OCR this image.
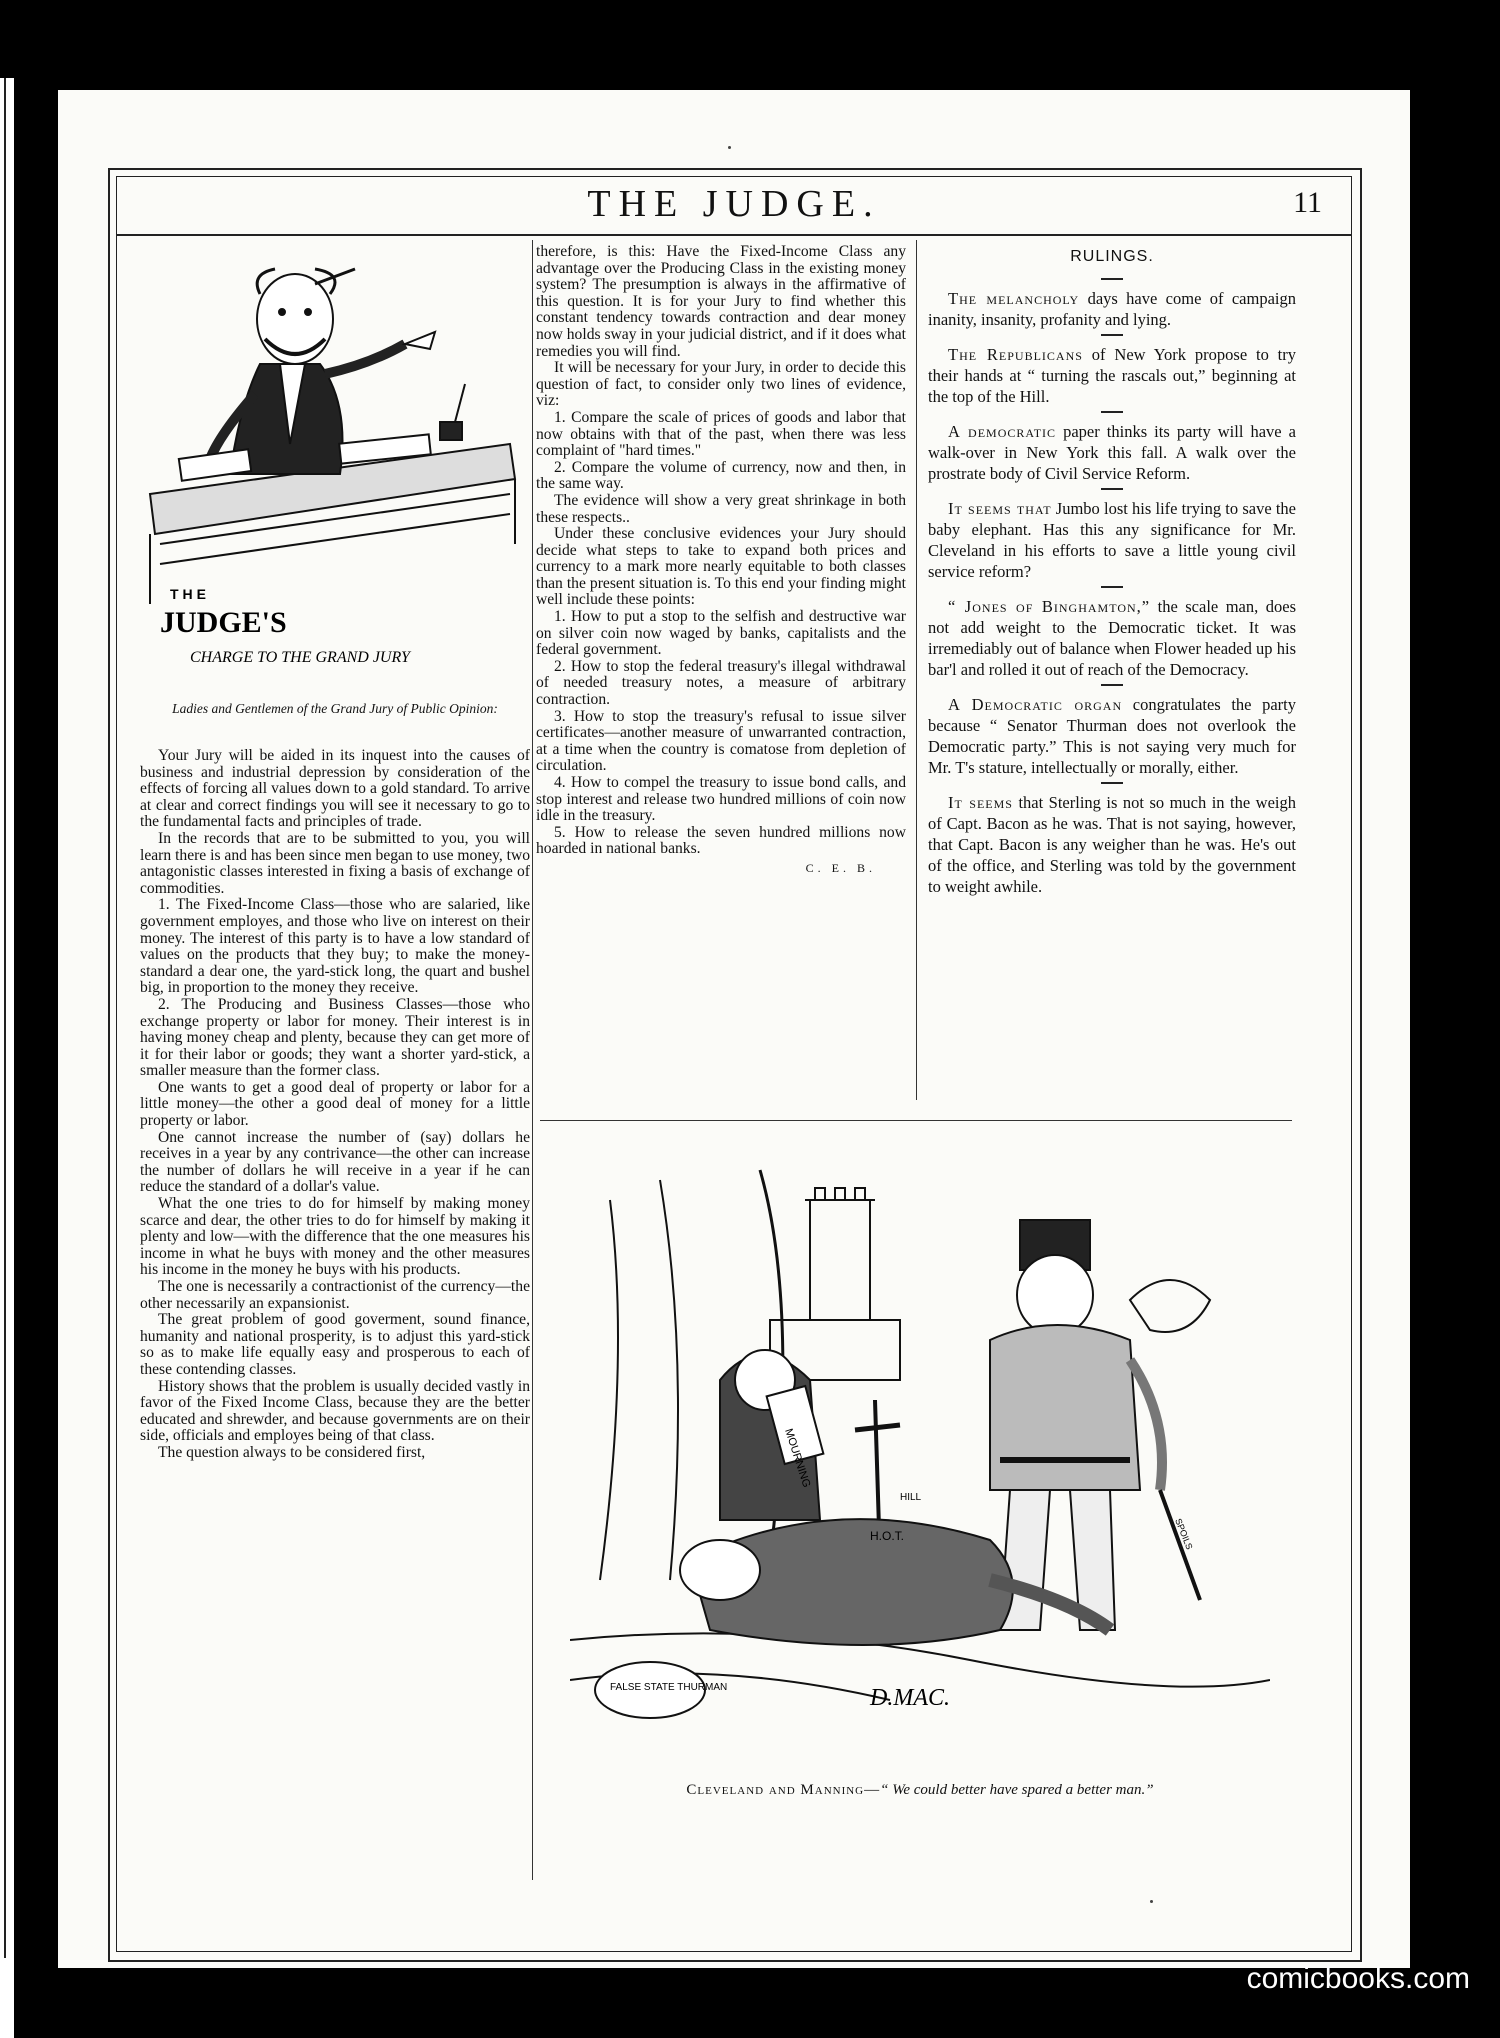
THE JUDGE.	11
THE
JUDGE'S
CHARGE TO THE GRAND JURY
Ladies and Gentlemen of the Grand Jury of Public Opinion:

Your Jury will be aided in its inquest into the causes of business and industrial depression by consideration of the effects of forcing all values down to a gold standard. To arrive at clear and correct findings you will see it necessary to go to the fundamental facts and principles of trade.

In the records that are to be submitted to you, you will learn there is and has been since men began to use money, two antagonistic classes interested in fixing a basis of exchange of commodities.

1. The Fixed-Income Class—those who are salaried, like government employes, and those who live on interest on their money. The interest of this party is to have a low standard of values on the products that they buy; to make the money-standard a dear one, the yard-stick long, the quart and bushel big, in proportion to the money they receive.

2. The Producing and Business Classes—those who exchange property or labor for money. Their interest is in having money cheap and plenty, because they can get more of it for their labor or goods; they want a shorter yard-stick, a smaller measure than the former class.

One wants to get a good deal of property or labor for a little money—the other a good deal of money for a little property or labor.

One cannot increase the number of (say) dollars he receives in a year by any contrivance—the other can increase the number of dollars he will receive in a year if he can reduce the standard of a dollar's value.

What the one tries to do for himself by making money scarce and dear, the other tries to do for himself by making it plenty and low—with the difference that the one measures his income in what he buys with money and the other measures his income in the money he buys with his products.

The one is necessarily a contractionist of the currency—the other necessarily an expansionist.

The great problem of good goverment, sound finance, humanity and national prosperity, is to adjust this yard-stick so as to make life equally easy and prosperous to each of these contending classes.

History shows that the problem is usually decided vastly in favor of the Fixed Income Class, because they are the better educated and shrewder, and because governments are on their side, officials and employes being of that class.

The question always to be considered first,

therefore, is this: Have the Fixed-Income Class any advantage over the Producing Class in the existing money system? The presumption is always in the affirmative of this question. It is for your Jury to find whether this constant tendency towards contraction and dear money now holds sway in your judicial district, and if it does what remedies you will find.

It will be necessary for your Jury, in order to decide this question of fact, to consider only two lines of evidence, viz:

1. Compare the scale of prices of goods and labor that now obtains with that of the past, when there was less complaint of "hard times."

2. Compare the volume of currency, now and then, in the same way.

The evidence will show a very great shrinkage in both these respects..

Under these conclusive evidences your Jury should decide what steps to take to expand both prices and currency to a mark more nearly equitable to both classes than the present situation is. To this end your finding might well include these points:

1. How to put a stop to the selfish and destructive war on silver coin now waged by banks, capitalists and the federal government.

2. How to stop the federal treasury's illegal withdrawal of needed treasury notes, a measure of arbitrary contraction.

3. How to stop the treasury's refusal to issue silver certificates—another measure of unwarranted contraction, at a time when the country is comatose from depletion of circulation.

4. How to compel the treasury to issue bond calls, and stop interest and release two hundred millions of coin now idle in the treasury.

5. How to release the seven hundred millions now hoarded in national banks.

C. E. B.
RULINGS.

The melancholy days have come of campaign inanity, insanity, profanity and lying.

The Republicans of New York propose to try their hands at “ turning the rascals out,” beginning at the top of the Hill.

A democratic paper thinks its party will have a walk-over in New York this fall. A walk over the prostrate body of Civil Service Reform.

It seems that Jumbo lost his life trying to save the baby elephant. Has this any significance for Mr. Cleveland in his efforts to save a little young civil service reform?

“ Jones of Binghamton,” the scale man, does not add weight to the Democratic ticket. It was irremediably out of balance when Flower headed up his bar'l and rolled it out of reach of the Democracy.

A Democratic organ congratulates the party because “ Senator Thurman does not overlook the Democratic party.” This is not saying very much for Mr. T's stature, intellectually or morally, either.

It seems that Sterling is not so much in the weigh of Capt. Bacon as he was. That is not saying, however, that Capt. Bacon is any weigher than he was. He's out of the office, and Sterling was told by the government to weight awhile.

MOURNING
H.O.T.
HILL
SPOILS
FALSE STATE THURMAN	D.MAC.
Cleveland and Manning—“ We could better have spared a better man.”
comicbooks.com
